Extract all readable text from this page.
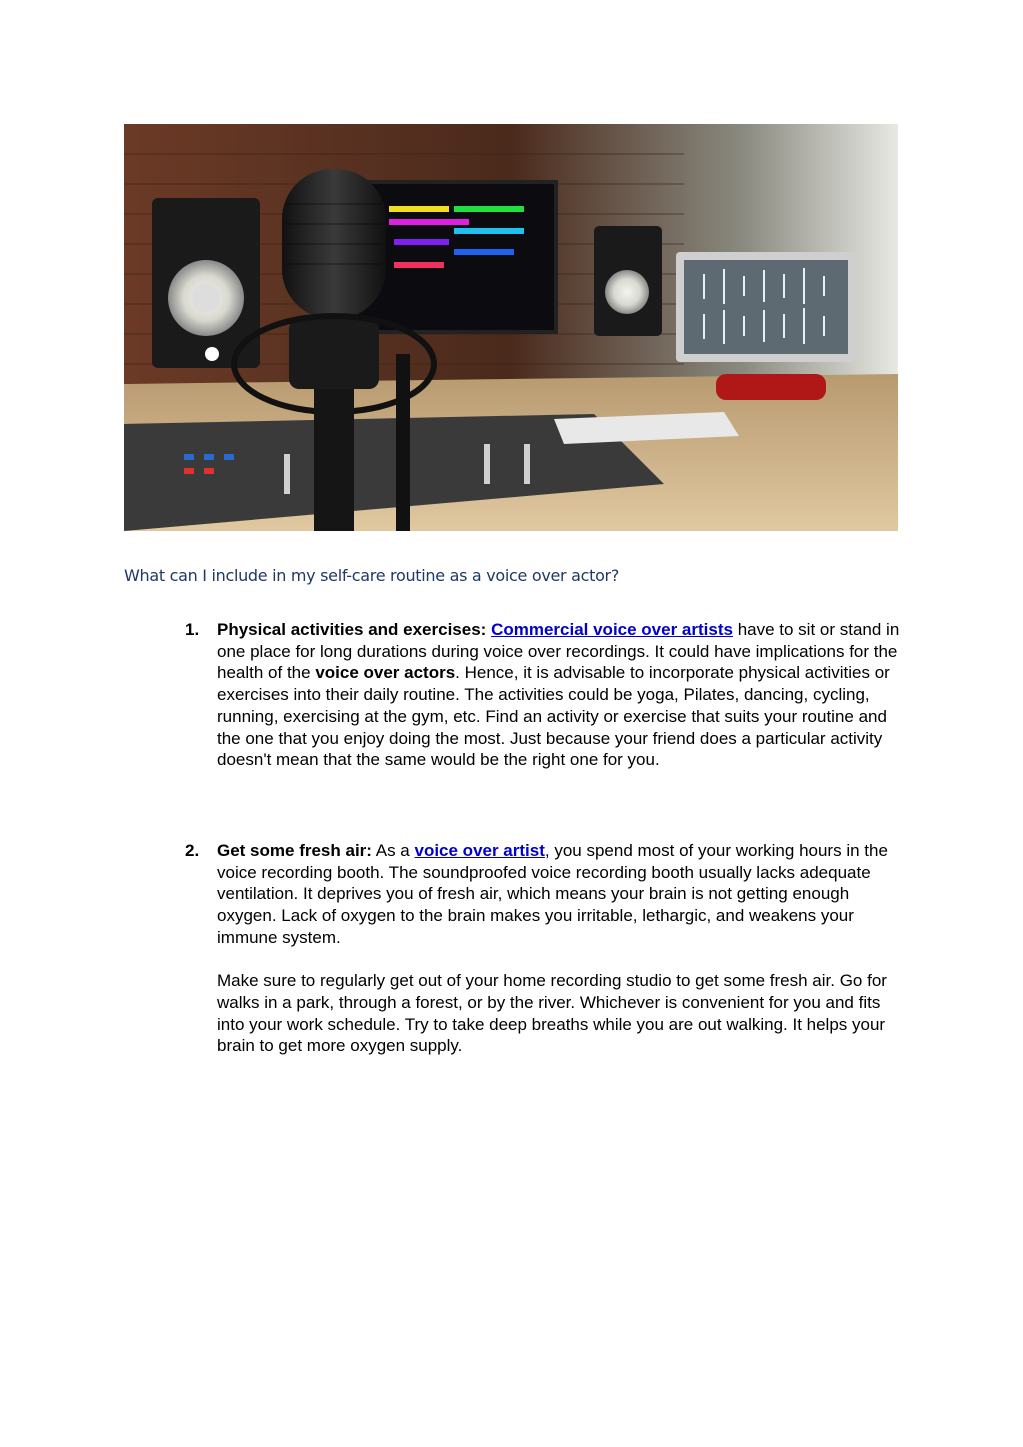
What can I include in my self-care routine as a voice over actor?
1. Physical activities and exercises: Commercial voice over artists have to sit or stand in one place for long durations during voice over recordings. It could have implications for the health of the voice over actors. Hence, it is advisable to incorporate physical activities or exercises into their daily routine. The activities could be yoga, Pilates, dancing, cycling, running, exercising at the gym, etc. Find an activity or exercise that suits your routine and the one that you enjoy doing the most. Just because your friend does a particular activity doesn't mean that the same would be the right one for you.

2. Get some fresh air: As a voice over artist, you spend most of your working hours in the voice recording booth. The soundproofed voice recording booth usually lacks adequate ventilation. It deprives you of fresh air, which means your brain is not getting enough oxygen. Lack of oxygen to the brain makes you irritable, lethargic, and weakens your immune system.

Make sure to regularly get out of your home recording studio to get some fresh air. Go for walks in a park, through a forest, or by the river. Whichever is convenient for you and fits into your work schedule. Try to take deep breaths while you are out walking. It helps your brain to get more oxygen supply.
